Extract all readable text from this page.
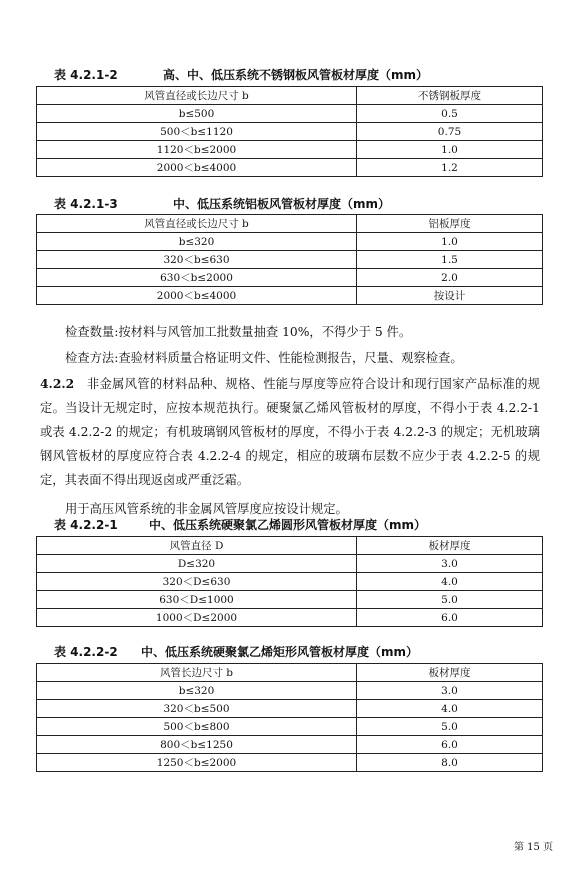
表 4.2.1-2	高、中、低压系统不锈钢板风管板材厚度（mm）
风管直径或长边尺寸 b	不锈钢板厚度
b≤500	0.5
500＜b≤1120	0.75
1120＜b≤2000	1.0
2000＜b≤4000	1.2
表 4.2.1-3	中、低压系统铝板风管板材厚度（mm）
风管直径或长边尺寸 b	铝板厚度
b≤320	1.0
320＜b≤630	1.5
630＜b≤2000	2.0
2000＜b≤4000	按设计
检查数量:按材料与风管加工批数量抽查 10%，不得少于 5 件。
检查方法:查验材料质量合格证明文件、性能检测报告，尺量、观察检查。
4.2.2 非金属风管的材料品种、规格、性能与厚度等应符合设计和现行国家产品标准的规定。当设计无规定时，应按本规范执行。硬聚氯乙烯风管板材的厚度，不得小于表 4.2.2-1 或表 4.2.2-2 的规定；有机玻璃钢风管板材的厚度，不得小于表 4.2.2-3 的规定；无机玻璃钢风管板材的厚度应符合表 4.2.2-4 的规定，相应的玻璃布层数不应少于表 4.2.2-5 的规定，其表面不得出现返卤或严重泛霜。
用于高压风管系统的非金属风管厚度应按设计规定。
表 4.2.2-1	中、低压系统硬聚氯乙烯圆形风管板材厚度（mm）
风管直径 D	板材厚度
D≤320	3.0
320＜D≤630	4.0
630＜D≤1000	5.0
1000＜D≤2000	6.0
表 4.2.2-2 中、低压系统硬聚氯乙烯矩形风管板材厚度（mm）
风管长边尺寸 b	板材厚度
b≤320	3.0
320＜b≤500	4.0
500＜b≤800	5.0
800＜b≤1250	6.0
1250＜b≤2000	8.0
第 15 页
